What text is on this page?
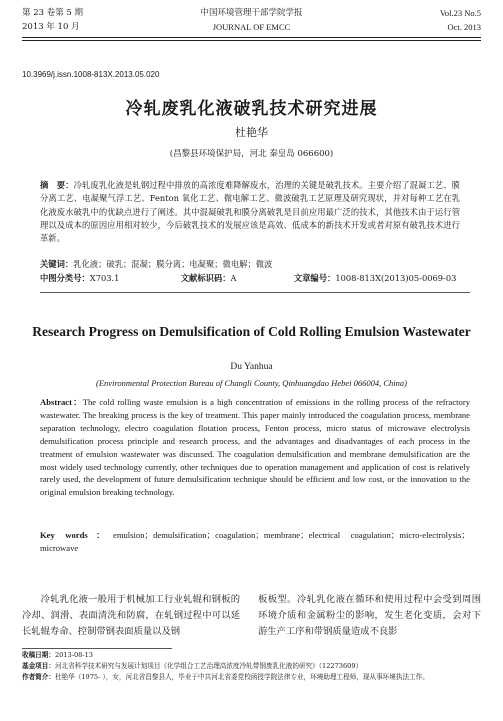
第 23 卷第 5 期
2013 年 10 月
中国环境管理干部学院学报
JOURNAL OF EMCC
Vol.23 No.5
Oct. 2013
10.3969/j.issn.1008-813X.2013.05.020
冷轧废乳化液破乳技术研究进展
杜艳华
(昌黎县环境保护局，河北 秦皇岛 066600)
摘　要：冷轧废乳化液是轧钢过程中排放的高浓度难降解废水，治理的关键是破乳技术。主要介绍了混凝工艺、膜分离工艺、电凝聚气浮工艺、Fenton 氧化工艺、微电解工艺、微波破乳工艺原理及研究现状，并对每种工艺在乳化液废水破乳中的优缺点进行了阐述。其中混凝破乳和膜分离破乳是目前应用最广泛的技术，其他技术由于运行管理以及成本的原因应用相对较少，今后破乳技术的发展应该是高效、低成本的新技术开发或者对原有破乳技术进行革新。
关键词：乳化液；破乳；混凝；膜分离；电凝聚；微电解；微波
中图分类号：X703.1	文献标识码：A	文章编号：1008-813X(2013)05-0069-03
Research Progress on Demulsification of Cold Rolling Emulsion Wastewater
Du Yanhua
(Environmental Protection Bureau of Changli County, Qinhuangdao Hebei 066004, China)
Abstract：The cold rolling waste emulsion is a high concentration of emissions in the rolling process of the refractory wastewater. The breaking process is the key of treatment. This paper mainly introduced the coagulation process, membrane separation technology, electro coagulation flotation process, Fenton process, micro status of microwave electrolysis demulsification process principle and research process, and the advantages and disadvantages of each process in the treatment of emulsion wastewater was discussed. The coagulation demulsification and membrane demulsification are the most widely used technology currently, other techniques due to operation management and application of cost is relatively rarely used, the development of future demulsification technique should be efficient and low cost, or the innovation to the original emulsion breaking technology.
Key words：emulsion；demulsification；coagulation；membrane；electrical coagulation；micro-electrolysis；microwave
冷轧乳化液一般用于机械加工行业轧辊和钢板的冷却、润滑、表面清洗和防腐，在轧钢过程中可以延长轧辊寿命、控制带钢表面质量以及钢
板板型。冷轧乳化液在循环和使用过程中会受到周围环境介质和金属粉尘的影响，发生老化变质，会对下游生产工序和带钢质量造成不良影
收稿日期：2013-08-13
基金项目：河北省科学技术研究与发展计划项目《化学组合工艺治理高浓度冷轧带钢废乳化液的研究》（12273609）
作者简介：杜艳华（1975- ），女，河北省昌黎县人，毕业于中共河北省委党校函授学院法律专业，环境助理工程师，现从事环境执法工作。
